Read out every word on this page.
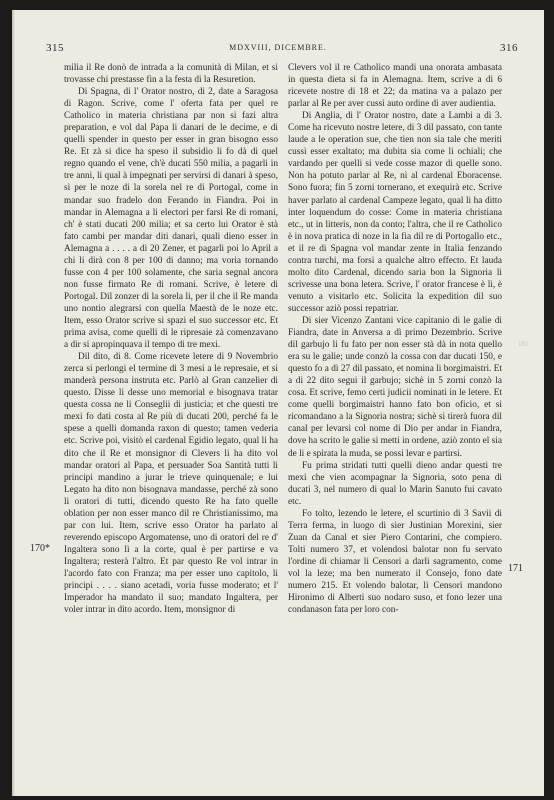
315	MDXVIII, DICEMBRE.	316

milia il Re donò de intrada a la comunità di Milan, et si trovasse chi prestasse fin a la festa di la Resuretion.

Di Spagna, di l' Orator nostro, di 2, date a Saragosa di Ragon. Scrive, come l' oferta fata per quel re Catholico in materia christiana par non si fazi altra preparation, e vol dal Papa li danari de le decime, e di quelli spender in questo per esser in gran bisogno esso Re. Et zà si dice ha speso il subsidio li fo dà di quel regno quando el vene, ch'è ducati 550 milia, a pagarli in tre anni, li qual à impegnati per servirsi di danari à speso, sì per le noze di la sorela nel re di Portogal, come in mandar suo fradelo don Ferando in Fiandra. Poi in mandar in Alemagna a li electori per farsi Re di romani, ch' è stati ducati 200 milia; et sa certo lui Orator è stà fato cambi per mandar diti danari, quali dieno esser in Alemagna a . . . . a dì 20 Zener, et pagarli poi lo April a chi li dirà con 8 per 100 di danno; ma voria tornando fusse con 4 per 100 solamente, che saria segnal ancora non fusse firmato Re di romani. Scrive, è letere di Portogal. Dil zonzer di la sorela li, per il che il Re manda uno nontio alegrarsi con quella Maestà de le noze etc. Item, esso Orator scrive si spazi el suo successor etc. Et prima avisa, come quelli di le ripresaie zà comenzavano a dir si apropinquava il tempo di tre mexi.

Dil dito, di 8. Come ricevete letere di 9 Novembrio zerca si perlongi el termine di 3 mesi a le represaie, et si manderà persona instruta etc. Parlò al Gran canzelier di questo. Disse li desse uno memorial e bisognava tratar questa cossa ne li Conseglii di justicia; et che questi tre mexi fo dati costa al Re più di ducati 200, perché fa le spese a quelli domanda raxon di questo; tamen vederia etc. Scrive poi, visitò el cardenal Egidio legato, qual li ha dito che il Re et monsignor di Clevers li ha dito vol mandar oratori al Papa, et persuader Soa Santità tutti li principi mandino a jurar le trieve quinquenale; e lui Legato ha dito non bisognava mandasse, perché zà sono li oratori di tutti, dicendo questo Re ha fato quelle oblation per non esser manco dil re Christianissimo, ma par con lui. Item, scrive esso Orator ha parlato al reverendo episcopo Argomatense, uno di oratori del re d' Ingaltera sono lì a la corte, qual è per partirse e va Ingaltera; resterà l'altro. Et par questo Re vol intrar in l'acordo fato con Franza; ma per esser uno capitolo, li principi . . . . siano acetadi, voria fusse moderato; et l' Imperador ha mandato il suo; mandato Ingaltera, per voler intrar in dito acordo. Item, monsignor di

Clevers vol il re Catholico mandi una onorata ambasata in questa dieta si fa in Alemagna. Item, scrive a dì 6 ricevete nostre di 18 et 22; da matina va a palazo per parlar al Re per aver cussì auto ordine di aver audientia.

Di Anglia, di l' Orator nostro, date a Lambi a dì 3. Come ha ricevuto nostre letere, di 3 dil passato, con tante laude a le operation sue, che tien non sia tale che meriti cussì esser exaltato; ma dubita sia come li ochiali; che vardando per quelli si vede cosse mazor di quelle sono. Non ha potuto parlar al Re, nì al cardenal Eboracense. Sono fuora; fin 5 zorni tornerano, et exequirà etc. Scrive haver parlato al cardenal Campeze legato, qual li ha ditto inter loquendum do cosse: Come in materia christiana etc., ut in litteris, non da conto; l'altra, che il re Catholico è in nova pratica di noze in la fia dil re di Portogallo etc., et il re di Spagna vol mandar zente in Italia fenzando contra turchi, ma forsi a qualche altro effecto. Et lauda molto dito Cardenal, dicendo saria bon la Signoria li scrivesse una bona letera. Scrive, l' orator francese è lì, è venuto a visitarlo etc. Solicita la expedition dil suo successor aziò possi repatriar.

Di sier Vicenzo Zantani vice capitanio di le galie di Fiandra, date in Anversa a dì primo Dezembrio. Scrive dil garbujo li fu fato per non esser stà dà in nota quello era su le galie; unde conzò la cossa con dar ducati 150, e questo fo a dì 27 dil passato, et nomina li borgimaistri. Et a dì 22 dito segui il garbujo; sichè in 5 zorni conzò la cosa. Et scrive, femo certi judicii nominati in le letere. Et come quelli borgimaistri hanno fato bon oficio, et si ricomandano a la Signoria nostra; sichè si tirerà fuora dil canal per levarsi col nome di Dio per andar in Fiandra, dove ha scrito le galie si metti in ordene, aziò zonto el sia de li e spirata la muda, se possi levar e partirsi.

Fu prima stridati tutti quelli dieno andar questi tre mexi che vien acompagnar la Signoria, soto pena di ducati 3, nel numero di qual lo Marin Sanuto fui cavato etc.

Fo tolto, lezendo le letere, el scurtinio di 3 Savii di Terra ferma, in luogo di sier Justinian Morexini, sier Zuan da Canal et sier Piero Contarini, che compiero. Tolti numero 37, et volendosi balotar non fu servato l'ordine di chiamar li Censori a darli sagramento, come vol la leze; ma ben numerato il Consejo, fono date numero 215. Et volendo balotar, li Censori mandono Hironimo di Alberti suo nodaro suso, et fono lezer una condanason fata per loro con-

170*
171
181
